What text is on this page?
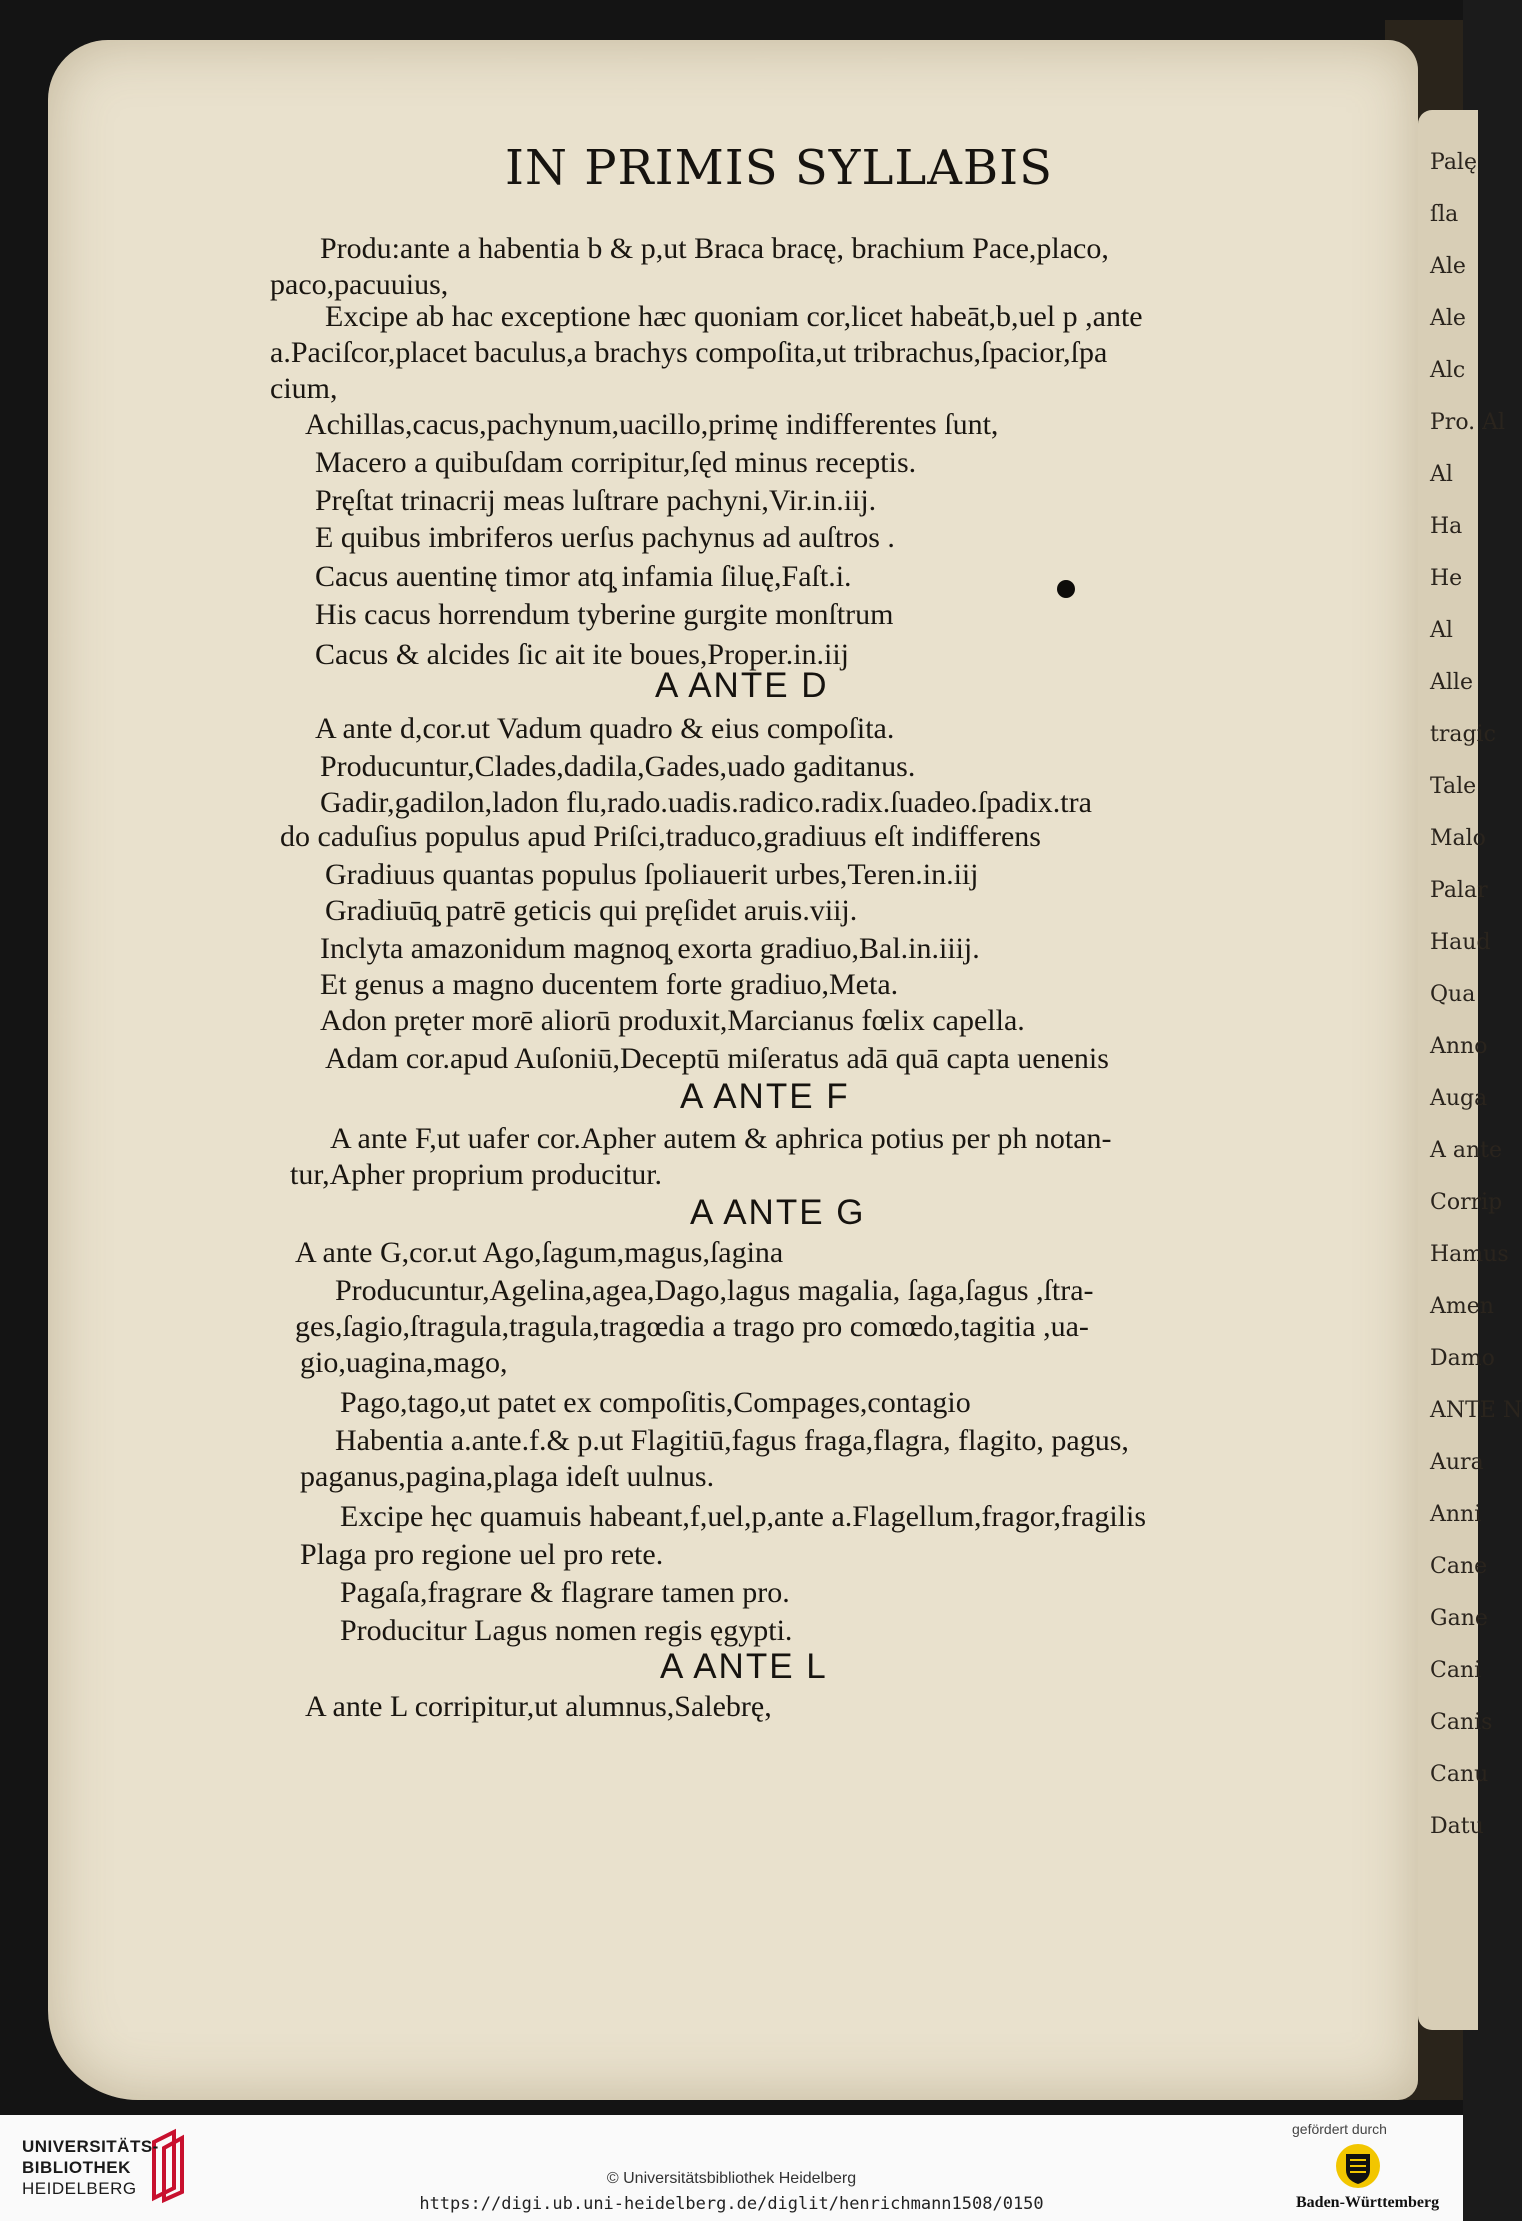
Palę
ſla
Ale
Ale
Alc
Pro. Al
Al
Ha
He
Al
Alle
tragic
Tale
Malo
Palar
Haud
Qua
Anno
Auga
A ante
Corrip
Hamus
Amen
Damo
ANTE N
Aura
Anni
Cane
Gane
Cani
Canis
Canu
Datu
IN PRIMIS SYLLABIS
Produ:ante a habentia b & p,ut Braca bracę, brachium Pace,placo,
paco,pacuuius,
Excipe ab hac exceptione hæc quoniam cor,licet habeāt,b,uel p ,ante
a.Paciſcor,placet baculus,a brachys compoſita,ut tribrachus,ſpacior,ſpa
cium,
Achillas,cacus,pachynum,uacillo,primę indifferentes ſunt,
Macero a quibuſdam corripitur,ſęd minus receptis.
Pręſtat trinacrĳ meas luſtrare pachyni,Vir.in.iĳ.
E quibus imbriferos uerſus pachynus ad auſtros .
Cacus auentinę timor atq̧ infamia ſiluę,Faſt.i.
His cacus horrendum tyberine gurgite monſtrum
Cacus & alcides ſic ait ite boues,Proper.in.iĳ
A ANTE D
A ante d,cor.ut Vadum quadro & eius compoſita.
Producuntur,Clades,dadila,Gades,uado gaditanus.
Gadir,gadilon,ladon flu,rado.uadis.radico.radix.ſuadeo.ſpadix.tra
do caduſius populus apud Priſci,traduco,gradiuus eſt indifferens
Gradiuus quantas populus ſpoliauerit urbes,Teren.in.iĳ
Gradiuūq̧ patrē geticis qui pręſidet aruis.viĳ.
Inclyta amazonidum magnoq̧ exorta gradiuo,Bal.in.iiĳ.
Et genus a magno ducentem forte gradiuo,Meta.
Adon pręter morē aliorū produxit,Marcianus fœlix capella.
Adam cor.apud Auſoniū,Deceptū miſeratus adā quā capta uenenis
A ANTE F
A ante F,ut uafer cor.Apher autem & aphrica potius per ph notan-
tur,Apher proprium producitur.
A ANTE G
A ante G,cor.ut Ago,ſagum,magus,ſagina
Producuntur,Agelina,agea,Dago,lagus magalia, ſaga,ſagus ,ſtra-
ges,ſagio,ſtragula,tragula,tragœdia a trago pro comœdo,tagitia ,ua-
gio,uagina,mago,
Pago,tago,ut patet ex compoſitis,Compages,contagio
Habentia a.ante.f.& p.ut Flagitiū,fagus fraga,flagra, flagito, pagus,
paganus,pagina,plaga ideſt uulnus.
Excipe hęc quamuis habeant,f,uel,p,ante a.Flagellum,fragor,fragilis
Plaga pro regione uel pro rete.
Pagaſa,fragrare & flagrare tamen pro.
Producitur Lagus nomen regis ęgypti.
A ANTE L
A ante L corripitur,ut alumnus,Salebrę,
UNIVERSITÄTS-
BIBLIOTHEK
HEIDELBERG
© Universitätsbibliothek Heidelberg
https://digi.ub.uni-heidelberg.de/diglit/henrichmann1508/0150
gefördert durch
Baden-Württemberg
